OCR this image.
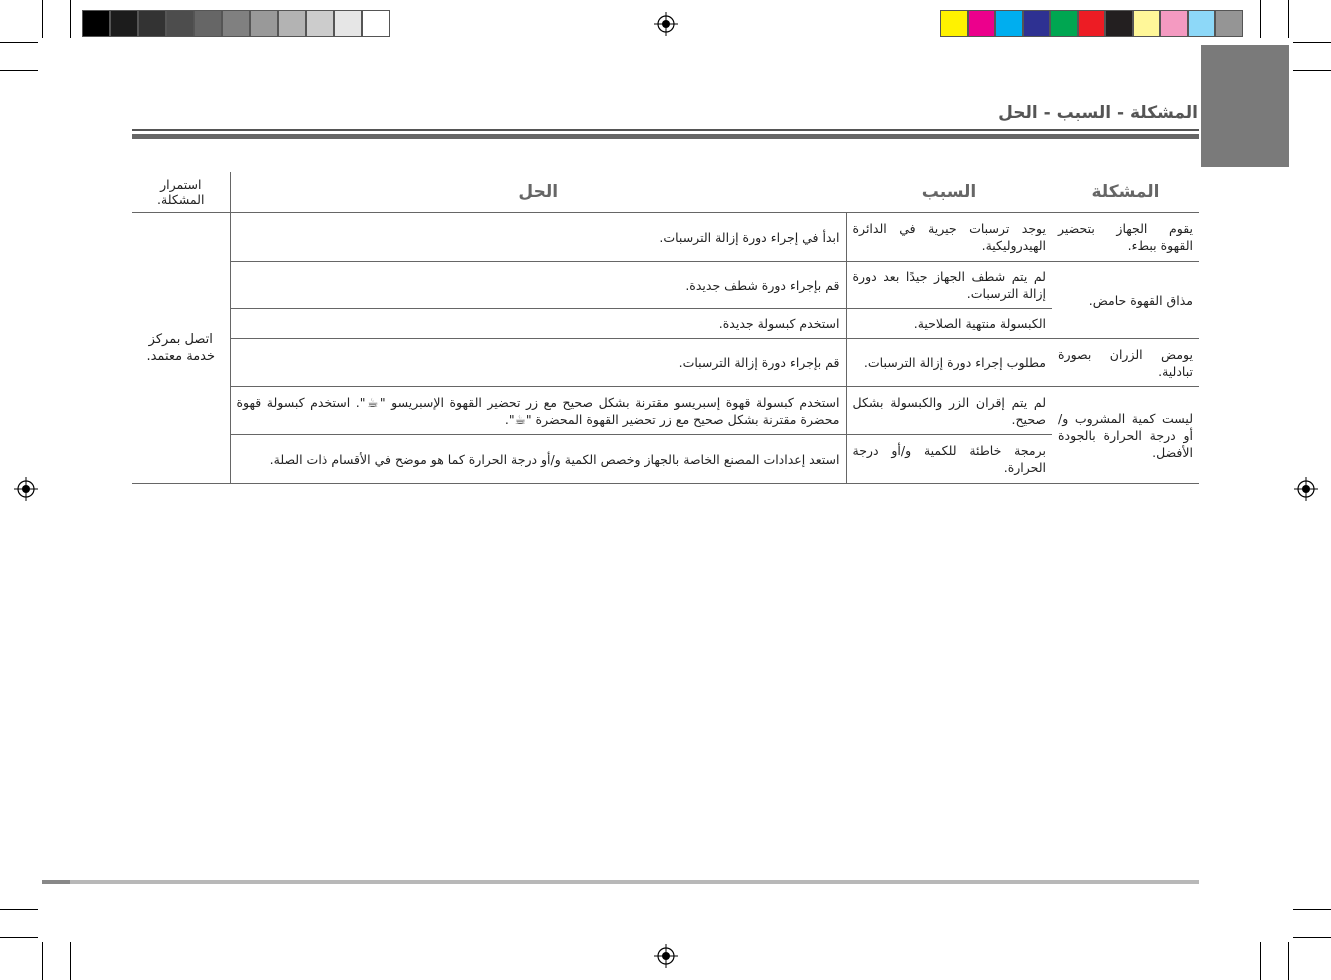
المشكلة - السبب - الحل
المشكلة	السبب	الحل	استمرار المشكلة.
يقوم الجهاز بتحضير القهوة ببطء.	يوجد ترسبات جيرية في الدائرة الهيدروليكية.	ابدأ في إجراء دورة إزالة الترسبات.	اتصل بمركز خدمة معتمد.
مذاق القهوة حامض.	لم يتم شطف الجهاز جيدًا بعد دورة إزالة الترسبات.	قم بإجراء دورة شطف جديدة.	
	الكبسولة منتهية الصلاحية.	استخدم كبسولة جديدة.	
يومض الزران بصورة تبادلية.	مطلوب إجراء دورة إزالة الترسبات.	قم بإجراء دورة إزالة الترسبات.	
ليست كمية المشروب و/أو درجة الحرارة بالجودة الأفضل.	لم يتم إقران الزر والكبسولة بشكل صحيح.	استخدم كبسولة قهوة إسبريسو مقترنة بشكل صحيح مع زر تحضير القهوة الإسبريسو "☕". استخدم كبسولة قهوة محضرة مقترنة بشكل صحيح مع زر تحضير القهوة المحضرة "☕".	
	برمجة خاطئة للكمية و/أو درجة الحرارة.	استعد إعدادات المصنع الخاصة بالجهاز وخصص الكمية و/أو درجة الحرارة كما هو موضح في الأقسام ذات الصلة.	
